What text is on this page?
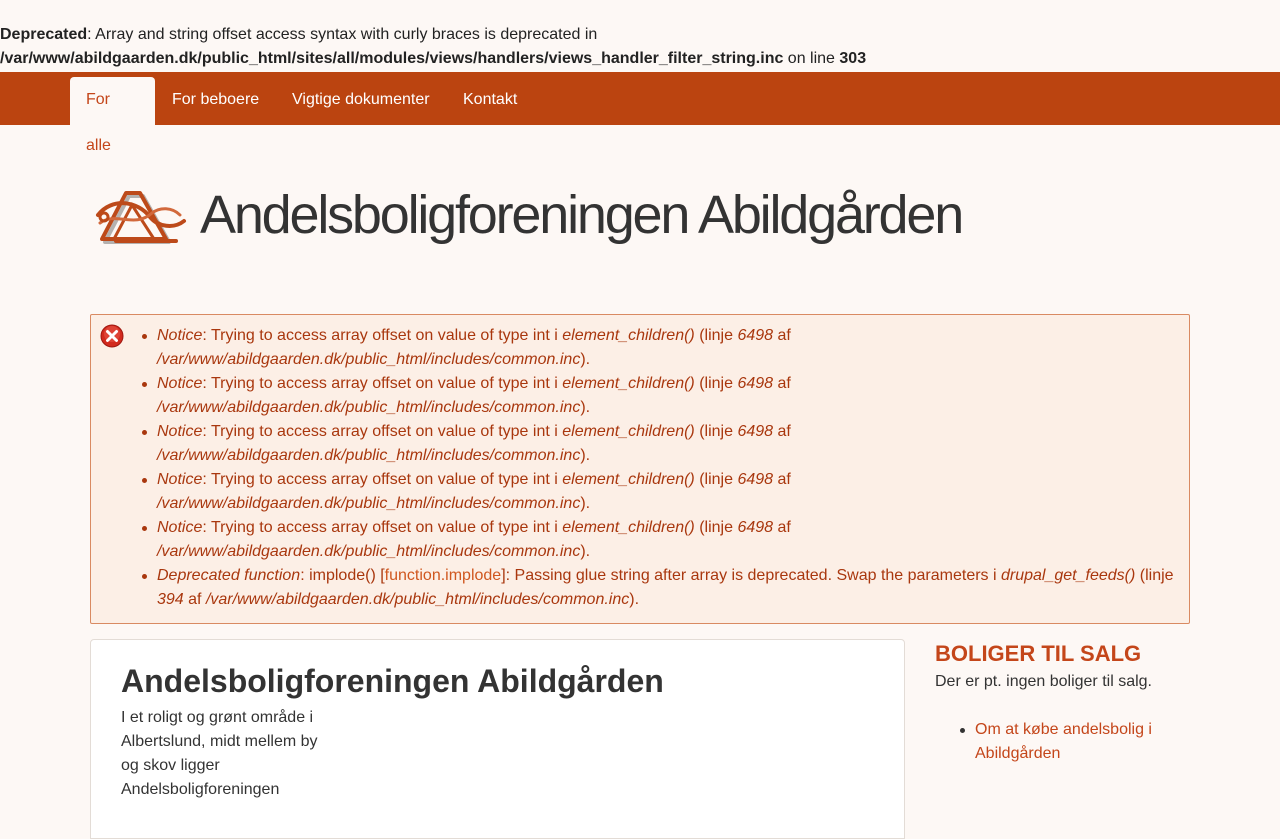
Deprecated: Array and string offset access syntax with curly braces is deprecated in
/var/www/abildgaarden.dk/public_html/sites/all/modules/views/handlers/views_handler_filter_string.inc on line 303
For alle
For beboere	Vigtige dokumenter	Kontakt
Andelsboligforeningen Abildgården
Notice: Trying to access array offset on value of type int i element_children() (linje 6498 af
/var/www/abildgaarden.dk/public_html/includes/common.inc).
Notice: Trying to access array offset on value of type int i element_children() (linje 6498 af
/var/www/abildgaarden.dk/public_html/includes/common.inc).
Notice: Trying to access array offset on value of type int i element_children() (linje 6498 af
/var/www/abildgaarden.dk/public_html/includes/common.inc).
Notice: Trying to access array offset on value of type int i element_children() (linje 6498 af
/var/www/abildgaarden.dk/public_html/includes/common.inc).
Notice: Trying to access array offset on value of type int i element_children() (linje 6498 af
/var/www/abildgaarden.dk/public_html/includes/common.inc).
Deprecated function: implode() [function.implode]: Passing glue string after array is deprecated. Swap the parameters i drupal_get_feeds() (linje
394 af /var/www/abildgaarden.dk/public_html/includes/common.inc).
Andelsboligforeningen Abildgården

I et roligt og grønt område i Albertslund, midt mellem by og skov ligger Andelsboligforeningen

BOLIGER TIL SALG

Der er pt. ingen boliger til salg.

Om at købe andelsbolig i Abildgården
